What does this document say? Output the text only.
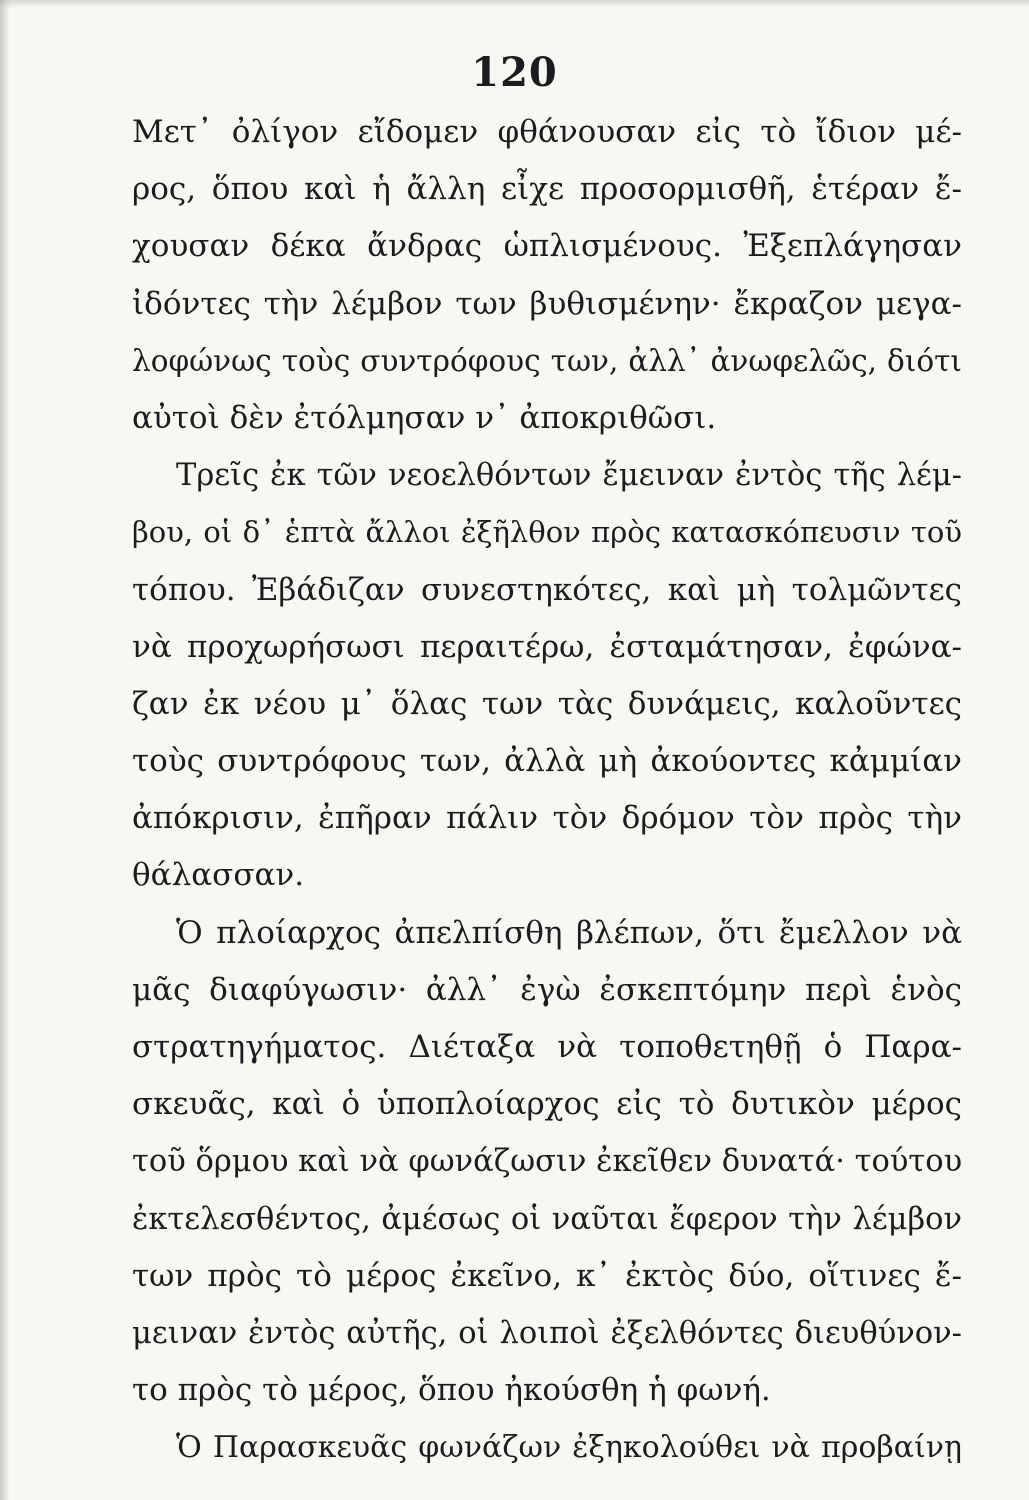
120
Μετ᾽ ὀλίγον εἴδομεν φθάνουσαν εἰς τὸ ἴδιον μέ-
ρος, ὅπου καὶ ἡ ἄλλη εἶχε προσορμισθῆ, ἑτέραν ἔ-
χουσαν δέκα ἄνδρας ὡπλισμένους. Ἐξεπλάγησαν
ἰδόντες τὴν λέμβον των βυθισμένην· ἔκραζον μεγα-
λοφώνως τοὺς συντρόφους των, ἀλλ᾽ ἀνωφελῶς, διότι
αὐτοὶ δὲν ἐτόλμησαν ν᾽ ἀποκριθῶσι.
Τρεῖς ἐκ τῶν νεοελθόντων ἔμειναν ἐντὸς τῆς λέμ-
βου, οἱ δ᾽ ἑπτὰ ἄλλοι ἐξῆλθον πρὸς κατασκόπευσιν τοῦ
τόπου. Ἐβάδιζαν συνεστηκότες, καὶ μὴ τολμῶντες
νὰ προχωρήσωσι περαιτέρω, ἐσταμάτησαν, ἐφώνα-
ζαν ἐκ νέου μ᾽ ὅλας των τὰς δυνάμεις, καλοῦντες
τοὺς συντρόφους των, ἀλλὰ μὴ ἀκούοντες κἀμμίαν
ἀπόκρισιν, ἐπῆραν πάλιν τὸν δρόμον τὸν πρὸς τὴν
θάλασσαν.
Ὁ πλοίαρχος ἀπελπίσθη βλέπων, ὅτι ἔμελλον νὰ
μᾶς διαφύγωσιν· ἀλλ᾽ ἐγὼ ἐσκεπτόμην περὶ ἑνὸς
στρατηγήματος. Διέταξα νὰ τοποθετηθῇ ὁ Παρα-
σκευᾶς, καὶ ὁ ὑποπλοίαρχος εἰς τὸ δυτικὸν μέρος
τοῦ ὅρμου καὶ νὰ φωνάζωσιν ἐκεῖθεν δυνατά· τούτου
ἐκτελεσθέντος, ἀμέσως οἱ ναῦται ἔφερον τὴν λέμβον
των πρὸς τὸ μέρος ἐκεῖνο, κ᾽ ἐκτὸς δύο, οἵτινες ἔ-
μειναν ἐντὸς αὐτῆς, οἱ λοιποὶ ἐξελθόντες διευθύνον-
το πρὸς τὸ μέρος, ὅπου ἠκούσθη ἡ φωνή.
Ὁ Παρασκευᾶς φωνάζων ἐξηκολούθει νὰ προβαίνῃ
